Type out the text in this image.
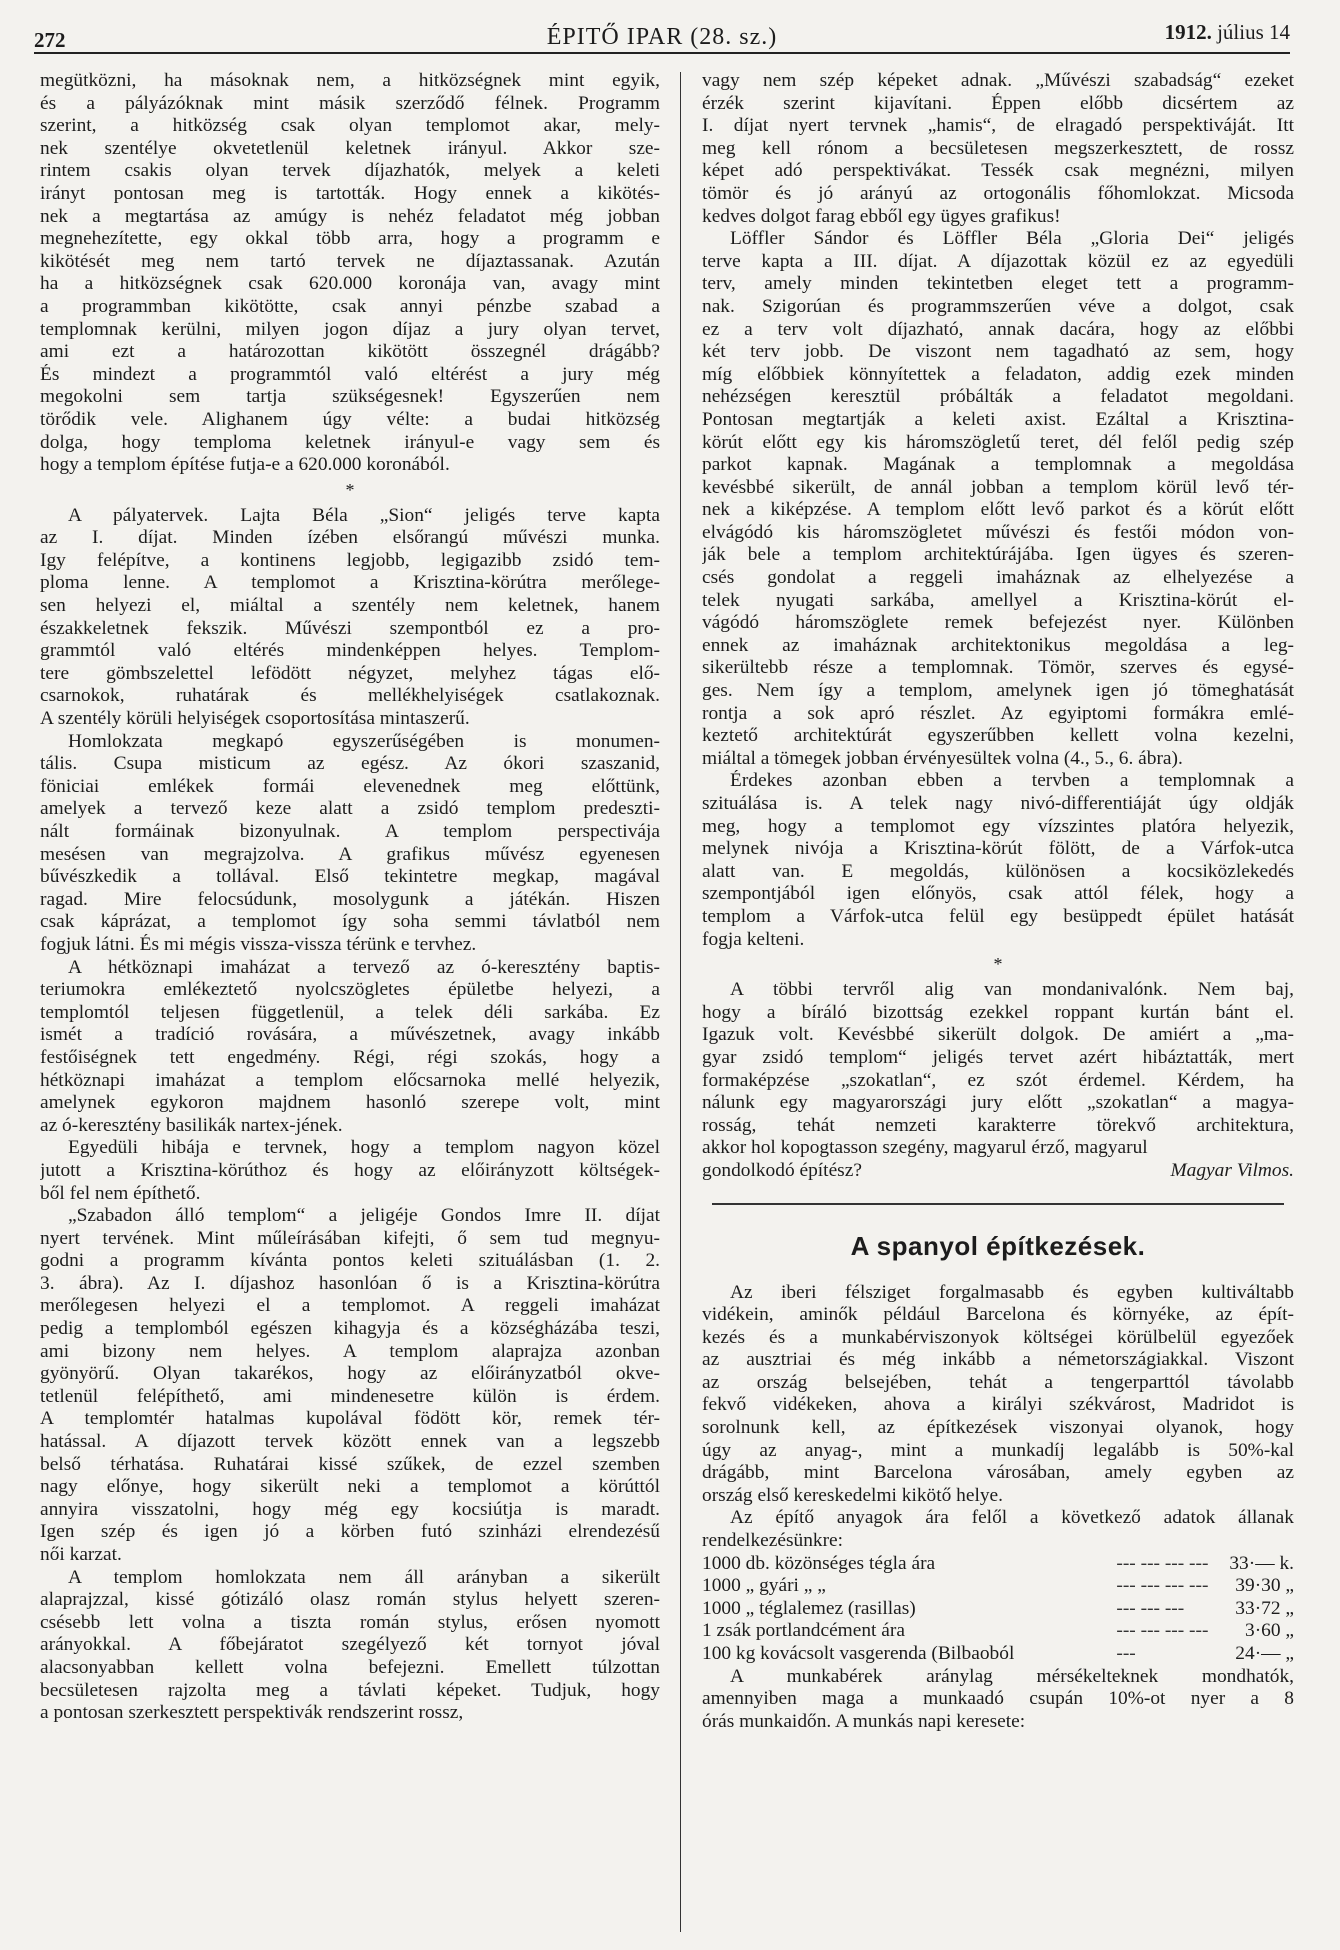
272	ÉPITŐ IPAR (28. sz.)	1912. július 14

megütközni, ha másoknak nem, a hitközségnek mint egyik,
és a pályázóknak mint másik szerződő félnek. Programm
szerint, a hitközség csak olyan templomot akar, mely-
nek szentélye okvetetlenül keletnek irányul. Akkor sze-
rintem csakis olyan tervek díjazhatók, melyek a keleti
irányt pontosan meg is tartották. Hogy ennek a kikötés-
nek a megtartása az amúgy is nehéz feladatot még jobban
megnehezítette, egy okkal több arra, hogy a programm e
kikötését meg nem tartó tervek ne díjaztassanak. Azután
ha a hitközségnek csak 620.000 koronája van, avagy mint
a programmban kikötötte, csak annyi pénzbe szabad a
templomnak kerülni, milyen jogon díjaz a jury olyan tervet,
ami ezt a határozottan kikötött összegnél drágább?
És mindezt a programmtól való eltérést a jury még
megokolni sem tartja szükségesnek! Egyszerűen nem
törődik vele. Alighanem úgy vélte: a budai hitközség
dolga, hogy temploma keletnek irányul-e vagy sem és
hogy a templom építése futja-e a 620.000 koronából.

*

A pályatervek. Lajta Béla „Sion“ jeligés terve kapta
az I. díjat. Minden ízében elsőrangú művészi munka.
Igy felépítve, a kontinens legjobb, legigazibb zsidó tem-
ploma lenne. A templomot a Krisztina-körútra merőlege-
sen helyezi el, miáltal a szentély nem keletnek, hanem
északkeletnek fekszik. Művészi szempontból ez a pro-
grammtól való eltérés mindenképpen helyes. Templom-
tere gömbszelettel lefödött négyzet, melyhez tágas elő-
csarnokok, ruhatárak és mellékhelyiségek csatlakoznak.
A szentély körüli helyiségek csoportosítása mintaszerű.

Homlokzata megkapó egyszerűségében is monumen-
tális. Csupa misticum az egész. Az ókori szaszanid,
föniciai emlékek formái elevenednek meg előttünk,
amelyek a tervező keze alatt a zsidó templom predeszti-
nált formáinak bizonyulnak. A templom perspectivája
mesésen van megrajzolva. A grafikus művész egyenesen
bűvészkedik a tollával. Első tekintetre megkap, magával
ragad. Mire felocsúdunk, mosolygunk a játékán. Hiszen
csak káprázat, a templomot így soha semmi távlatból nem
fogjuk látni. És mi mégis vissza-vissza térünk e tervhez.

A hétköznapi imaházat a tervező az ó-keresztény baptis-
teriumokra emlékeztető nyolcszögletes épületbe helyezi, a
templomtól teljesen függetlenül, a telek déli sarkába. Ez
ismét a tradíció rovására, a művészetnek, avagy inkább
festőiségnek tett engedmény. Régi, régi szokás, hogy a
hétköznapi imaházat a templom előcsarnoka mellé helyezik,
amelynek egykoron majdnem hasonló szerepe volt, mint
az ó-keresztény basilikák nartex-jének.

Egyedüli hibája e tervnek, hogy a templom nagyon közel
jutott a Krisztina-körúthoz és hogy az előirányzott költségek-
ből fel nem építhető.

„Szabadon álló templom“ a jeligéje Gondos Imre II. díjat
nyert tervének. Mint műleírásában kifejti, ő sem tud megnyu-
godni a programm kívánta pontos keleti szituálásban (1. 2.
3. ábra). Az I. díjashoz hasonlóan ő is a Krisztina-körútra
merőlegesen helyezi el a templomot. A reggeli imaházat
pedig a templomból egészen kihagyja és a községházába teszi,
ami bizony nem helyes. A templom alaprajza azonban
gyönyörű. Olyan takarékos, hogy az előirányzatból okve-
tetlenül felépíthető, ami mindenesetre külön is érdem.
A templomtér hatalmas kupolával födött kör, remek tér-
hatással. A díjazott tervek között ennek van a legszebb
belső térhatása. Ruhatárai kissé szűkek, de ezzel szemben
nagy előnye, hogy sikerült neki a templomot a körúttól
annyira visszatolni, hogy még egy kocsiútja is maradt.
Igen szép és igen jó a körben futó szinházi elrendezésű
női karzat.

A templom homlokzata nem áll arányban a sikerült
alaprajzzal, kissé gótizáló olasz román stylus helyett szeren-
csésebb lett volna a tiszta román stylus, erősen nyomott
arányokkal. A főbejáratot szegélyező két tornyot jóval
alacsonyabban kellett volna befejezni. Emellett túlzottan
becsületesen rajzolta meg a távlati képeket. Tudjuk, hogy
a pontosan szerkesztett perspektivák rendszerint rossz,

vagy nem szép képeket adnak. „Művészi szabadság“ ezeket
érzék szerint kijavítani. Éppen előbb dicsértem az
I. díjat nyert tervnek „hamis“, de elragadó perspektiváját. Itt
meg kell rónom a becsületesen megszerkesztett, de rossz
képet adó perspektivákat. Tessék csak megnézni, milyen
tömör és jó arányú az ortogonális főhomlokzat. Micsoda
kedves dolgot farag ebből egy ügyes grafikus!

Löffler Sándor és Löffler Béla „Gloria Dei“ jeligés
terve kapta a III. díjat. A díjazottak közül ez az egyedüli
terv, amely minden tekintetben eleget tett a programm-
nak. Szigorúan és programmszerűen véve a dolgot, csak
ez a terv volt díjazható, annak dacára, hogy az előbbi
két terv jobb. De viszont nem tagadható az sem, hogy
míg előbbiek könnyítettek a feladaton, addig ezek minden
nehézségen keresztül próbálták a feladatot megoldani.
Pontosan megtartják a keleti axist. Ezáltal a Krisztina-
körút előtt egy kis háromszögletű teret, dél felől pedig szép
parkot kapnak. Magának a templomnak a megoldása
kevésbbé sikerült, de annál jobban a templom körül levő tér-
nek a kiképzése. A templom előtt levő parkot és a körút előtt
elvágódó kis háromszögletet művészi és festői módon von-
ják bele a templom architektúrájába. Igen ügyes és szeren-
csés gondolat a reggeli imaháznak az elhelyezése a
telek nyugati sarkába, amellyel a Krisztina-körút el-
vágódó háromszöglete remek befejezést nyer. Különben
ennek az imaháznak architektonikus megoldása a leg-
sikerültebb része a templomnak. Tömör, szerves és egysé-
ges. Nem így a templom, amelynek igen jó tömeghatását
rontja a sok apró részlet. Az egyiptomi formákra emlé-
keztető architektúrát egyszerűbben kellett volna kezelni,
miáltal a tömegek jobban érvényesültek volna (4., 5., 6. ábra).

Érdekes azonban ebben a tervben a templomnak a
szituálása is. A telek nagy nivó-differentiáját úgy oldják
meg, hogy a templomot egy vízszintes platóra helyezik,
melynek nivója a Krisztina-körút fölött, de a Várfok-utca
alatt van. E megoldás, különösen a kocsiközlekedés
szempontjából igen előnyös, csak attól félek, hogy a
templom a Várfok-utca felül egy besüppedt épület hatását
fogja kelteni.

*

A többi tervről alig van mondanivalónk. Nem baj,
hogy a bíráló bizottság ezekkel roppant kurtán bánt el.
Igazuk volt. Kevésbbé sikerült dolgok. De amiért a „ma-
gyar zsidó templom“ jeligés tervet azért hibáztatták, mert
formaképzése „szokatlan“, ez szót érdemel. Kérdem, ha
nálunk egy magyarországi jury előtt „szokatlan“ a magya-
rosság, tehát nemzeti karakterre törekvő architektura,
akkor hol kopogtasson szegény, magyarul érző, magyarul

gondolkodó építész?	Magyar Vilmos.

A spanyol építkezések.

Az iberi félsziget forgalmasabb és egyben kultiváltabb
vidékein, aminők például Barcelona és környéke, az épít-
kezés és a munkabérviszonyok költségei körülbelül egyezőek
az ausztriai és még inkább a németországiakkal. Viszont
az ország belsejében, tehát a tengerparttól távolabb
fekvő vidékeken, ahova a királyi székvárost, Madridot is
sorolnunk kell, az építkezések viszonyai olyanok, hogy
úgy az anyag-, mint a munkadíj legalább is 50%-kal
drágább, mint Barcelona városában, amely egyben az
ország első kereskedelmi kikötő helye.

Az építő anyagok ára felől a következő adatok állanak
rendelkezésünkre:

1000 db. közönséges tégla ára	--- --- --- ---	33·— k.
1000 „ gyári „ „	--- --- --- ---	39·30 „
1000 „ téglalemez (rasillas)	--- --- ---	33·72 „
1 zsák portlandcément ára	--- --- --- ---	3·60 „
100 kg kovácsolt vasgerenda (Bilbaoból	---	24·— „

A munkabérek aránylag mérsékelteknek mondhatók,
amennyiben maga a munkaadó csupán 10%-ot nyer a 8
órás munkaidőn. A munkás napi keresete:
